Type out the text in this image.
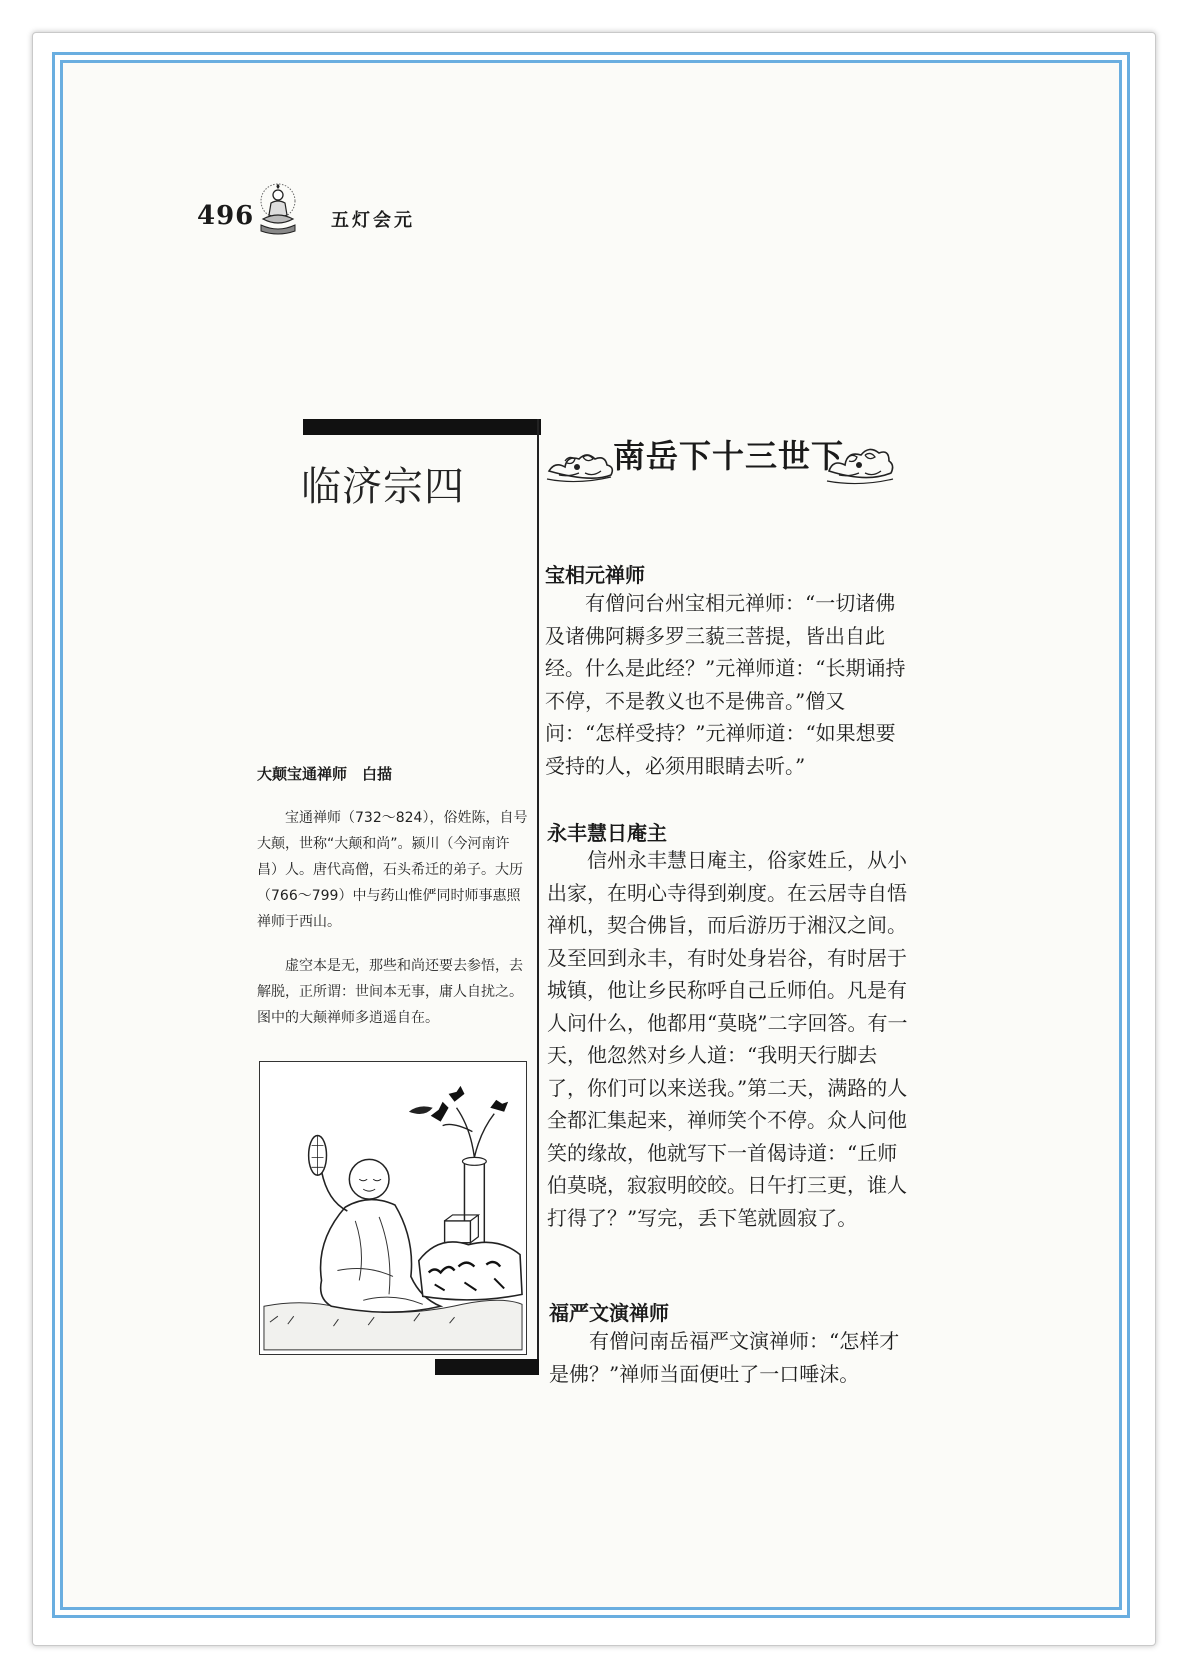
496	五灯会元
临济宗四
大颠宝通禅师　白描

宝通禅师（732～824），俗姓陈，自号大颠，世称“大颠和尚”。颍川（今河南许昌）人。唐代高僧，石头希迁的弟子。大历（766～799）中与药山惟俨同时师事惠照禅师于西山。

虚空本是无，那些和尚还要去参悟，去解脱，正所谓：世间本无事，庸人自扰之。图中的大颠禅师多逍遥自在。

南岳下十三世下
宝相元禅师

有僧问台州宝相元禅师：“一切诸佛及诸佛阿耨多罗三藐三菩提，皆出自此经。什么是此经？”元禅师道：“长期诵持不停，不是教义也不是佛音。”僧又问：“怎样受持？”元禅师道：“如果想要受持的人，必须用眼睛去听。”

永丰慧日庵主

信州永丰慧日庵主，俗家姓丘，从小出家，在明心寺得到剃度。在云居寺自悟禅机，契合佛旨，而后游历于湘汉之间。及至回到永丰，有时处身岩谷，有时居于城镇，他让乡民称呼自己丘师伯。凡是有人问什么，他都用“莫晓”二字回答。有一天，他忽然对乡人道：“我明天行脚去了，你们可以来送我。”第二天，满路的人全都汇集起来，禅师笑个不停。众人问他笑的缘故，他就写下一首偈诗道：“丘师伯莫晓，寂寂明皎皎。日午打三更，谁人打得了？”写完，丢下笔就圆寂了。

福严文演禅师

有僧问南岳福严文演禅师：“怎样才是佛？”禅师当面便吐了一口唾沫。
